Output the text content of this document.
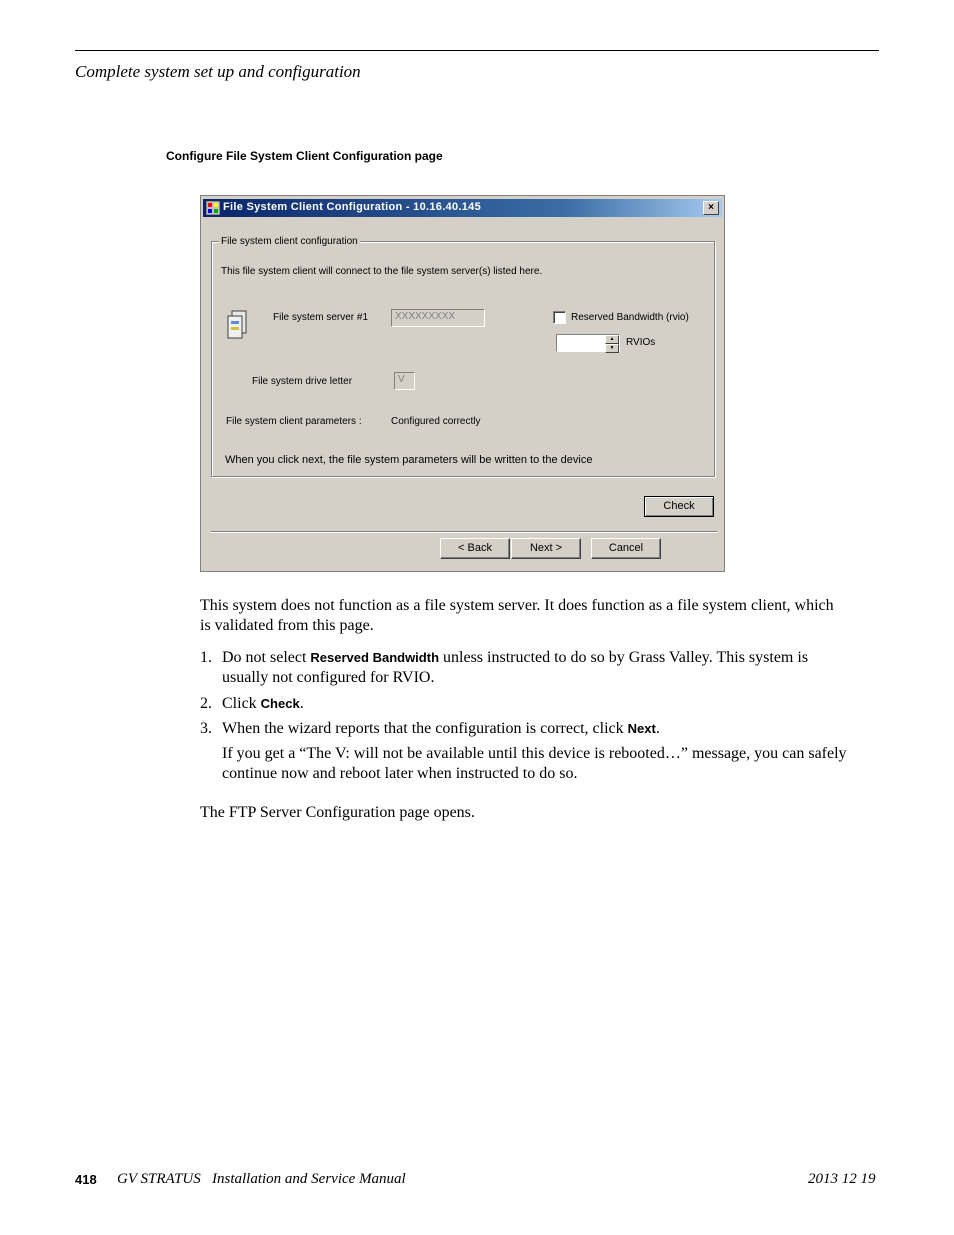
Complete system set up and configuration
Configure File System Client Configuration page
File System Client Configuration - 10.16.40.145	×
File system client configuration
This file system client will connect to the file system server(s) listed here.
File system server #1	XXXXXXXXX	Reserved Bandwidth (rvio)
▲
▼	RVIOs
File system drive letter	V
File system client parameters :	Configured correctly
When you click next, the file system parameters will be written to the device
Check
< Back	Next >	Cancel
This system does not function as a file system server. It does function as a file system client, which
is validated from this page.
1. Do not select Reserved Bandwidth unless instructed to do so by Grass Valley. This system is
usually not configured for RVIO.
2. Click Check.
3. When the wizard reports that the configuration is correct, click Next.
If you get a “The V: will not be available until this device is rebooted…” message, you can safely
continue now and reboot later when instructed to do so.
The FTP Server Configuration page opens.
418 GV STRATUS   Installation and Service Manual	2013 12 19
